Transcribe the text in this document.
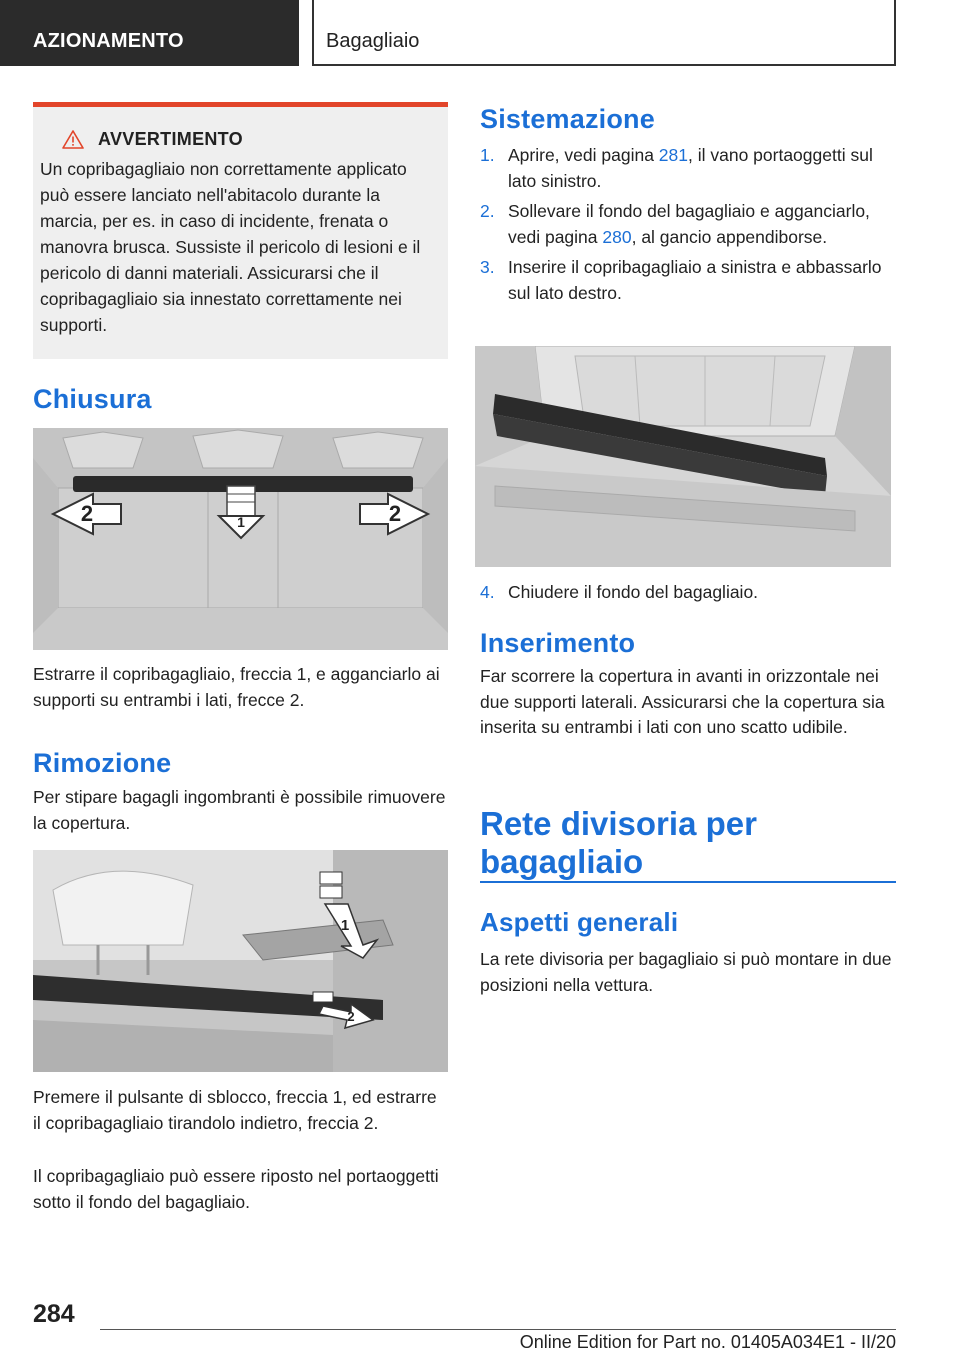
AZIONAMENTO	Bagagliaio
AVVERTIMENTO

Un copribagagliaio non correttamente applicato può essere lanciato nell'abitacolo durante la marcia, per es. in caso di incidente, frenata o manovra brusca. Sussiste il pericolo di lesioni e il pericolo di danni materiali. Assicurarsi che il copribagagliaio sia innestato correttamente nei supporti.

Chiusura
1
2	2

Estrarre il copribagagliaio, freccia 1, e agganciarlo ai supporti su entrambi i lati, frecce 2.

Rimozione

Per stipare bagagli ingombranti è possibile rimuovere la copertura.

1
2

Premere il pulsante di sblocco, freccia 1, ed estrarre il copribagagliaio tirandolo indietro, freccia 2.

Il copribagagliaio può essere riposto nel portaoggetti sotto il fondo del bagagliaio.

Sistemazione
1. Aprire, vedi pagina 281, il vano portaoggetti sul lato sinistro.
2. Sollevare il fondo del bagagliaio e agganciarlo, vedi pagina 280, al gancio appendiborse.
3. Inserire il copribagagliaio a sinistra e abbassarlo sul lato destro.
4. Chiudere il fondo del bagagliaio.
Inserimento

Far scorrere la copertura in avanti in orizzontale nei due supporti laterali. Assicurarsi che la copertura sia inserita su entrambi i lati con uno scatto udibile.

Rete divisoria per bagagliaio
Aspetti generali

La rete divisoria per bagagliaio si può montare in due posizioni nella vettura.

284
Online Edition for Part no. 01405A034E1 - II/20
